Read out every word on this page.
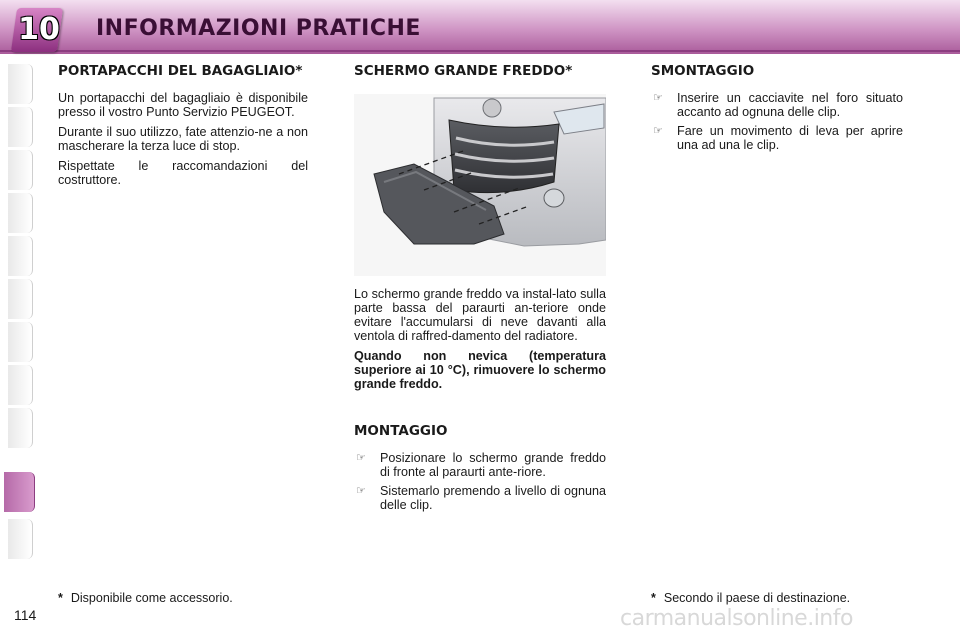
10 INFORMAZIONI PRATICHE
PORTAPACCHI DEL BAGAGLIAIO*

Un portapacchi del bagagliaio è disponibile presso il vostro Punto Servizio PEUGEOT.

Durante il suo utilizzo, fate attenzio-ne a non mascherare la terza luce di stop.

Rispettate le raccomandazioni del costruttore.

SCHERMO GRANDE FREDDO*

Lo schermo grande freddo va instal-lato sulla parte bassa del paraurti an-teriore onde evitare l'accumularsi di neve davanti alla ventola di raffred-damento del radiatore.

Quando non nevica (temperatura superiore ai 10 °C), rimuovere lo schermo grande freddo.

MONTAGGIO
☞	Posizionare lo schermo grande freddo di fronte al paraurti ante-riore.
☞	Sistemarlo premendo a livello di ognuna delle clip.
SMONTAGGIO
☞	Inserire un cacciavite nel foro situato accanto ad ognuna delle clip.
☞	Fare un movimento di leva per aprire una ad una le clip.
* Disponibile come accessorio.	* Secondo il paese di destinazione.
114	carmanualsonline.info
